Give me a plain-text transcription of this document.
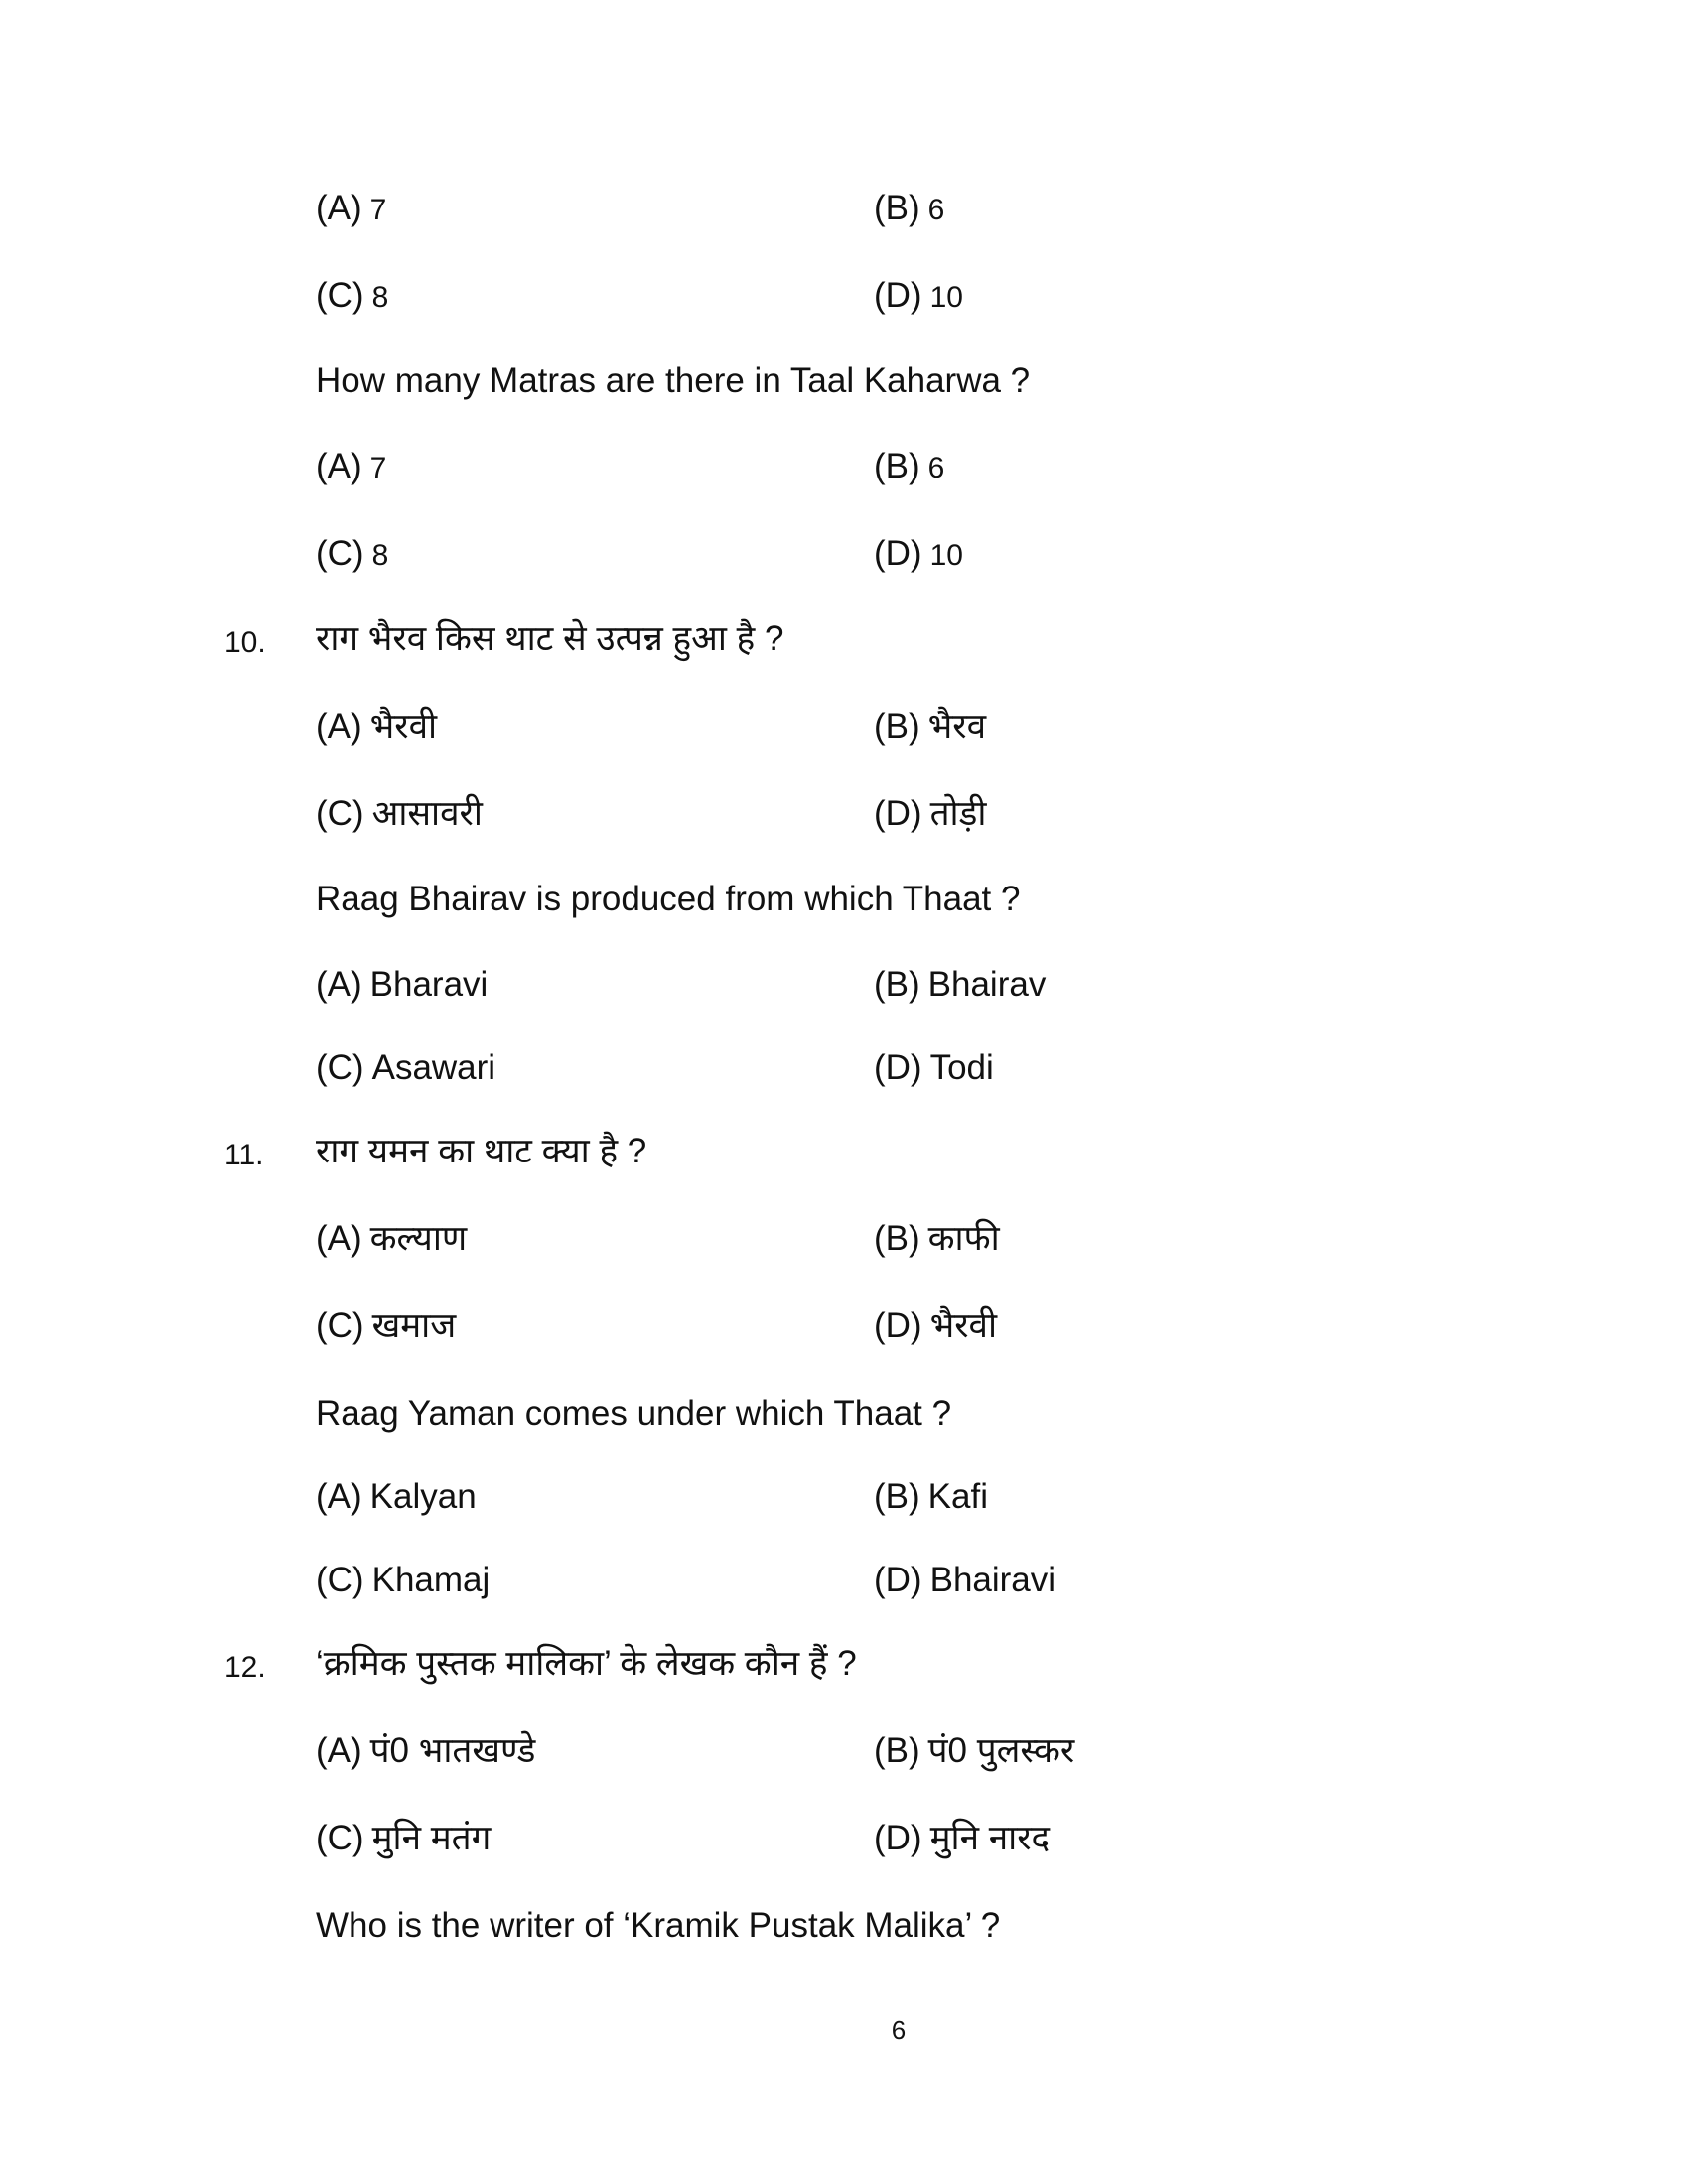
(A) 7	(B) 6
(C) 8	(D) 10
How many Matras are there in Taal Kaharwa ?
(A) 7	(B) 6
(C) 8	(D) 10
10. राग भैरव किस थाट से उत्पन्न हुआ है ?
(A) भैरवी	(B) भैरव
(C) आसावरी	(D) तोड़ी
Raag Bhairav is produced from which Thaat ?
(A) Bharavi	(B) Bhairav
(C) Asawari	(D) Todi
11. राग यमन का थाट क्या है ?
(A) कल्याण	(B) काफी
(C) खमाज	(D) भैरवी
Raag Yaman comes under which Thaat ?
(A) Kalyan	(B) Kafi
(C) Khamaj	(D) Bhairavi
12. ‘क्रमिक पुस्तक मालिका’ के लेखक कौन हैं ?
(A) पं0 भातखण्डे	(B) पं0 पुलस्कर
(C) मुनि मतंग	(D) मुनि नारद
Who is the writer of ‘Kramik Pustak Malika’ ?
6
